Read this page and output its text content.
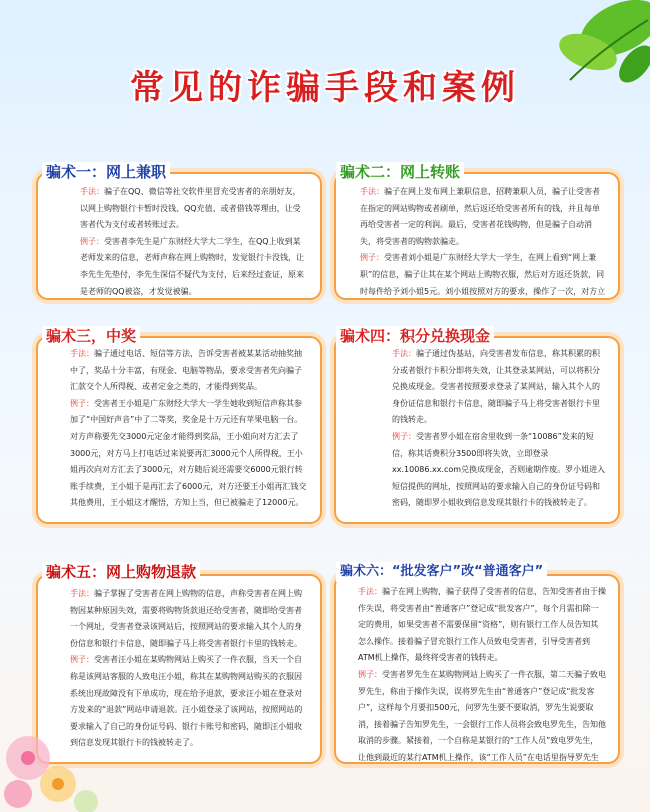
常见的诈骗手段和案例

手法：骗子在QQ、微信等社交软件里冒充受害者的亲朋好友，以网上购物银行卡暂时没钱、QQ充值、或者借钱等理由，让受害者代为支付或者转账过去。

例子：受害者李先生是广东财经大学大二学生，在QQ上收到某老师发来的信息，老师声称在网上购物时，发觉银行卡没钱，让李先生先垫付，李先生深信不疑代为支付，后来经过查证，原来是老师的QQ被盗，才发觉被骗。

骗术一：网上兼职

手法：骗子在网上发布网上兼职信息，招聘兼职人员，骗子让受害者在指定的网站购物或者刷单，然后返还给受害者所有的钱，并且每单再给受害者一定的利润。最后，受害者花钱购物，但是骗子自动消失，将受害者的购物款骗走。

例子：受害者刘小姐是广东财经大学大一学生，在网上看到“网上兼职”的信息，骗子让其在某个网站上购物衣服，然后对方返还货款，同时每件给予刘小姐5元。刘小姐按照对方的要求，操作了一次，对方立

骗术二：网上转账

手法：骗子通过电话、短信等方法，告诉受害者被某某活动抽奖抽中了，奖品十分丰富，有现金、电脑等物品，要求受害者先向骗子汇款交个人所得税、或者定金之类的，才能得到奖品。

例子：受害者王小姐是广东财经大学大一学生她收到短信声称其参加了“中国好声音”中了二等奖，奖金是十万元还有苹果电脑一台。对方声称要先交3000元定金才能得到奖品，王小姐向对方汇去了3000元，对方马上打电话过来说要再汇3000元个人所得税，王小姐再次向对方汇去了3000元，对方随后说还需要交6000元银行转账手续费，王小姐于是再汇去了6000元，对方还要王小姐再汇钱交其他费用，王小姐这才醒悟，方知上当，但已被骗走了12000元。

骗术三，中奖

手法：骗子通过伪基站，向受害者发布信息，称其积累的积分或者银行卡积分即将失效，让其登录某网站，可以将积分兑换成现金。受害者按照要求登录了某网站，输入其个人的身份证信息和银行卡信息，随即骗子马上将受害者银行卡里的钱转走。

例子：受害者罗小姐在宿舍里收到一条“10086”发来的短信，称其话费积分3500即将失效，立即登录xx.10086.xx.com兑换成现金，否则逾期作废。罗小姐进入短信提供的网址，按照网站的要求输入自己的身份证号码和密码，随即罗小姐收到信息发现其银行卡的钱被转走了。

骗术四：积分兑换现金

手法：骗子掌握了受害者在网上购物的信息，声称受害者在网上购物因某种原因失效，需要将购物货款退还给受害者，随即给受害者一个网址，受害者登录该网站后，按照网站的要求输入其个人的身份信息和银行卡信息，随即骗子马上将受害者银行卡里的钱转走。

例子：受害者汪小姐在某购物网站上购买了一件衣服，当天一个自称是该网站客服的人致电汪小姐，称其在某购物网站购买的衣服因系统出现故障没有下单成功，现在给予退款，要求汪小姐在登录对方发来的“退款”网站申请退款。汪小姐登录了该网站，按照网站的要求输入了自己的身份证号码、银行卡账号和密码，随即汪小姐收到信息发现其银行卡的钱被转走了。

骗术五：网上购物退款

手法：骗子在网上购物，骗子获得了受害者的信息，告知受害者由于操作失误，将受害者由“普通客户”登记成“批发客户”，每个月需扣除一定的费用，如果受害者不需要保留“资格”，则有银行工作人员告知其怎么操作。接着骗子冒充银行工作人员致电受害者，引导受害者到ATM机上操作，最终将受害者的钱转走。

例子：受害者罗先生在某购物网站上购买了一件衣服，第二天骗子致电罗先生，称由于操作失误，误将罗先生由“普通客户”登记成“批发客户”，这样每个月要扣500元，问罗先生要不要取消，罗先生说要取消，接着骗子告知罗先生，一会银行工作人员将会致电罗先生，告知他取消的步骤。紧接着，一个自称是某银行的“工作人员”致电罗先生，让他到最近的某行ATM机上操作，该“工作人员”在电话里指导罗先生

骗术六：“批发客户”改“普通客户”
